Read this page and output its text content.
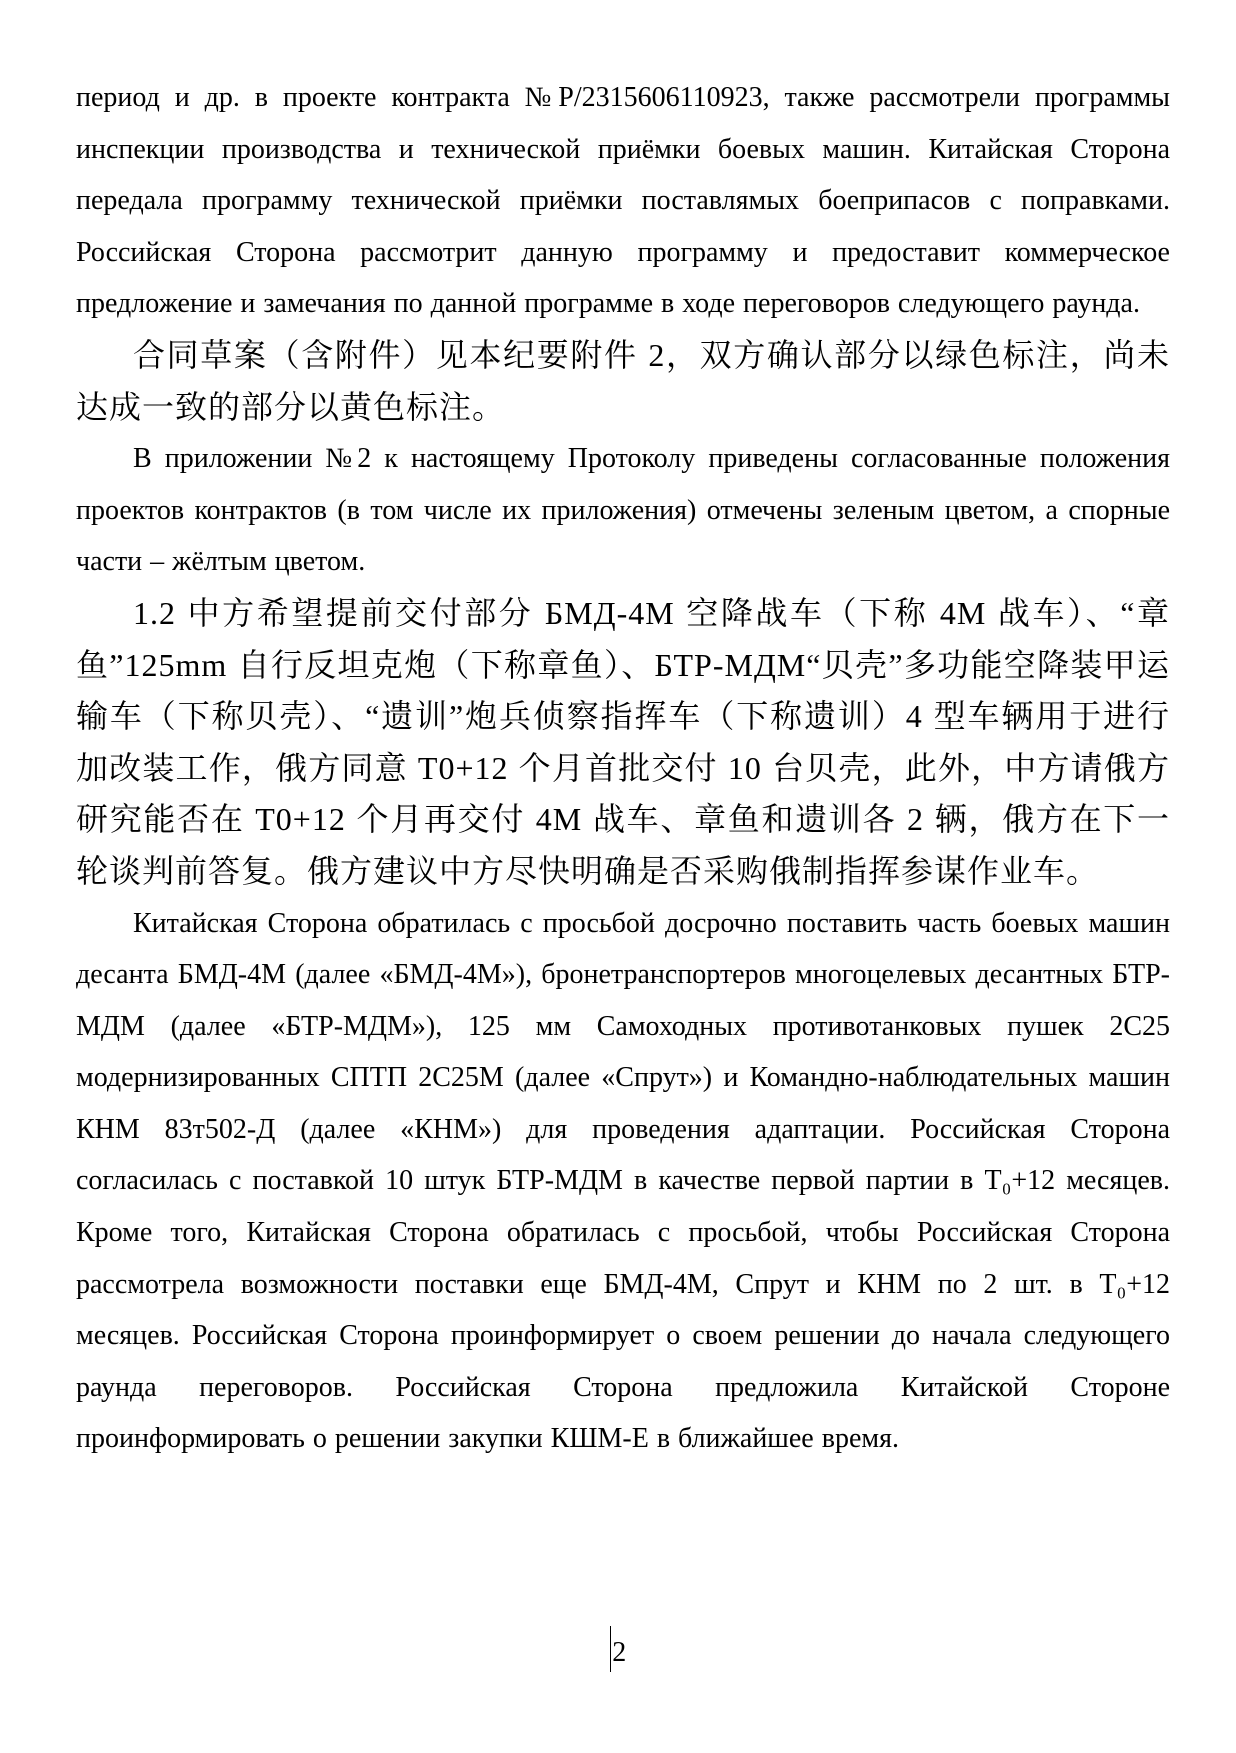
период и др. в проекте контракта №Р/2315606110923, также рассмотрели программы инспекции производства и технической приёмки боевых машин. Китайская Сторона передала программу технической приёмки поставлямых боеприпасов с поправками. Российская Сторона рассмотрит данную программу и предоставит коммерческое предложение и замечания по данной программе в ходе переговоров следующего раунда.

合同草案（含附件）见本纪要附件 2，双方确认部分以绿色标注，尚未达成一致的部分以黄色标注。

В приложении №2 к настоящему Протоколу приведены согласованные положения проектов контрактов (в том числе их приложения) отмечены зеленым цветом, а спорные части – жёлтым цветом.

1.2 中方希望提前交付部分 БМД-4М 空降战车（下称 4М 战车）、“章鱼”125mm 自行反坦克炮（下称章鱼）、БТР-МДМ“贝壳”多功能空降装甲运输车（下称贝壳）、“遗训”炮兵侦察指挥车（下称遗训）4 型车辆用于进行加改装工作，俄方同意 T0+12 个月首批交付 10 台贝壳，此外，中方请俄方研究能否在 T0+12 个月再交付 4M 战车、章鱼和遗训各 2 辆，俄方在下一轮谈判前答复。俄方建议中方尽快明确是否采购俄制指挥参谋作业车。

Китайская Сторона обратилась с просьбой досрочно поставить часть боевых машин десанта БМД-4М (далее «БМД-4М»), бронетранспортеров многоцелевых десантных БТР-МДМ (далее «БТР-МДМ»), 125 мм Самоходных противотанковых пушек 2С25 модернизированных СПТП 2С25М (далее «Спрут») и Командно-наблюдательных машин КНМ 83т502-Д (далее «КНМ») для проведения адаптации. Российская Сторона согласилась с поставкой 10 штук БТР-МДМ в качестве первой партии в Т₀+12 месяцев. Кроме того, Китайская Сторона обратилась с просьбой, чтобы Российская Сторона рассмотрела возможности поставки еще БМД-4М, Спрут и КНМ по 2 шт. в Т₀+12 месяцев. Российская Сторона проинформирует о своем решении до начала следующего раунда переговоров. Российская Сторона предложила Китайской Стороне проинформировать о решении закупки КШМ-Е в ближайшее время.

2
